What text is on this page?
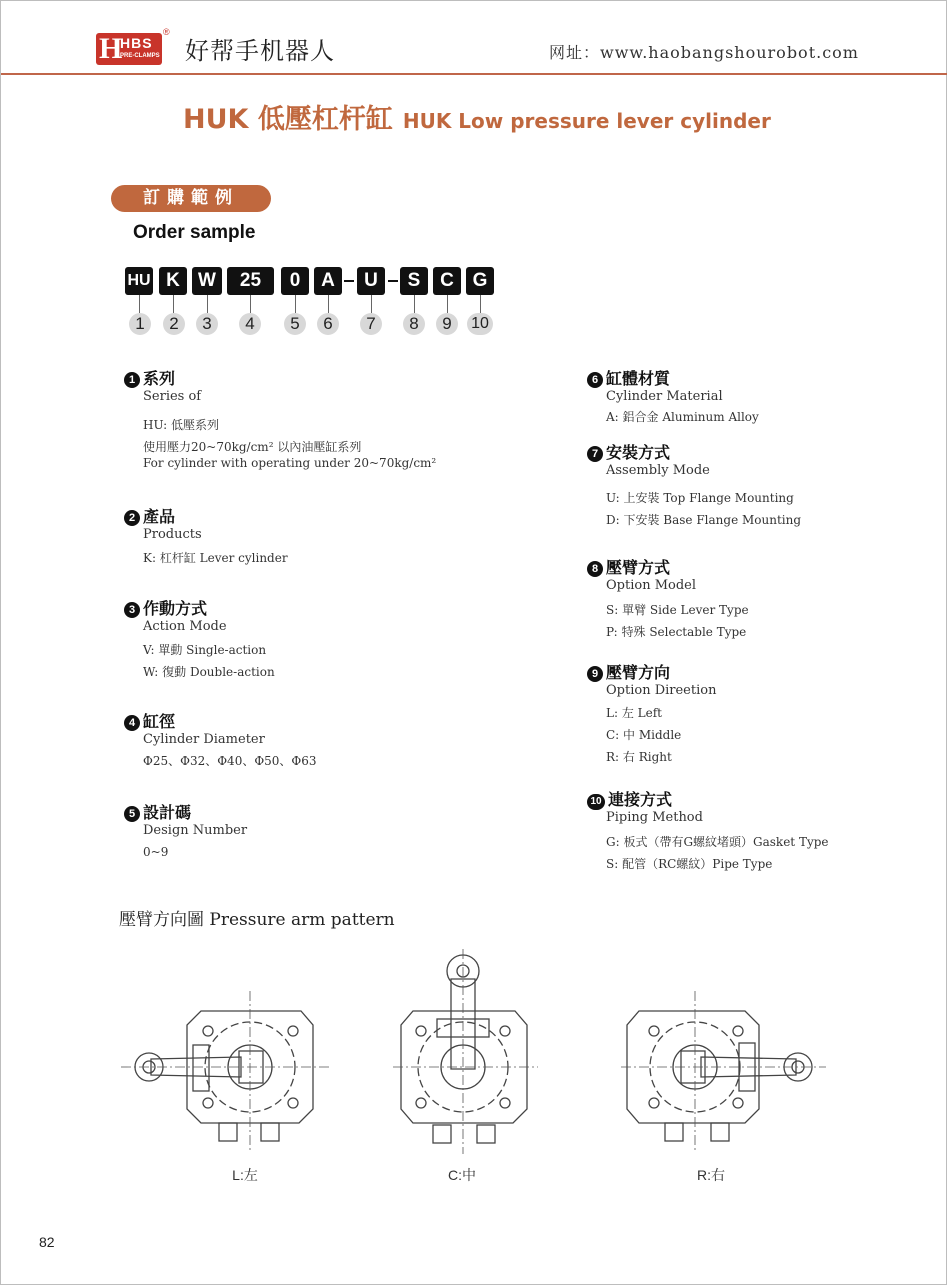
H
HBS
PRE-CLAMPS
®
好帮手机器人	网址：www.haobangshourobot.com
HUK 低壓杠杆缸 HUK Low pressure lever cylinder
訂購範例
Order sample
HU K W	25	0	A	U	S	C G
1	2	3	4	5	6	7	8	9	10
1 系列
Series of
HU: 低壓系列
使用壓力20~70kg/cm² 以內油壓缸系列
For cylinder with operating under 20~70kg/cm²
2 產品
Products
K: 杠杆缸 Lever cylinder
3 作動方式
Action Mode
V: 單動 Single-action
W: 復動 Double-action
4 缸徑
Cylinder Diameter
Φ25、Φ32、Φ40、Φ50、Φ63
5 設計碼
Design Number
0~9
6 缸體材質
Cylinder Material
A: 鋁合金 Aluminum Alloy
7 安裝方式
Assembly Mode
U: 上安裝 Top Flange Mounting
D: 下安裝 Base Flange Mounting
8 壓臂方式
Option Model
S: 單臂 Side Lever Type
P: 特殊 Selectable Type
9 壓臂方向
Option Direetion
L: 左 Left
C: 中 Middle
R: 右 Right
10 連接方式
Piping Method
G: 板式（帶有G螺紋堵頭）Gasket Type
S: 配管（RC螺紋）Pipe Type
壓臂方向圖 Pressure arm pattern
L:左	C:中	R:右
82
